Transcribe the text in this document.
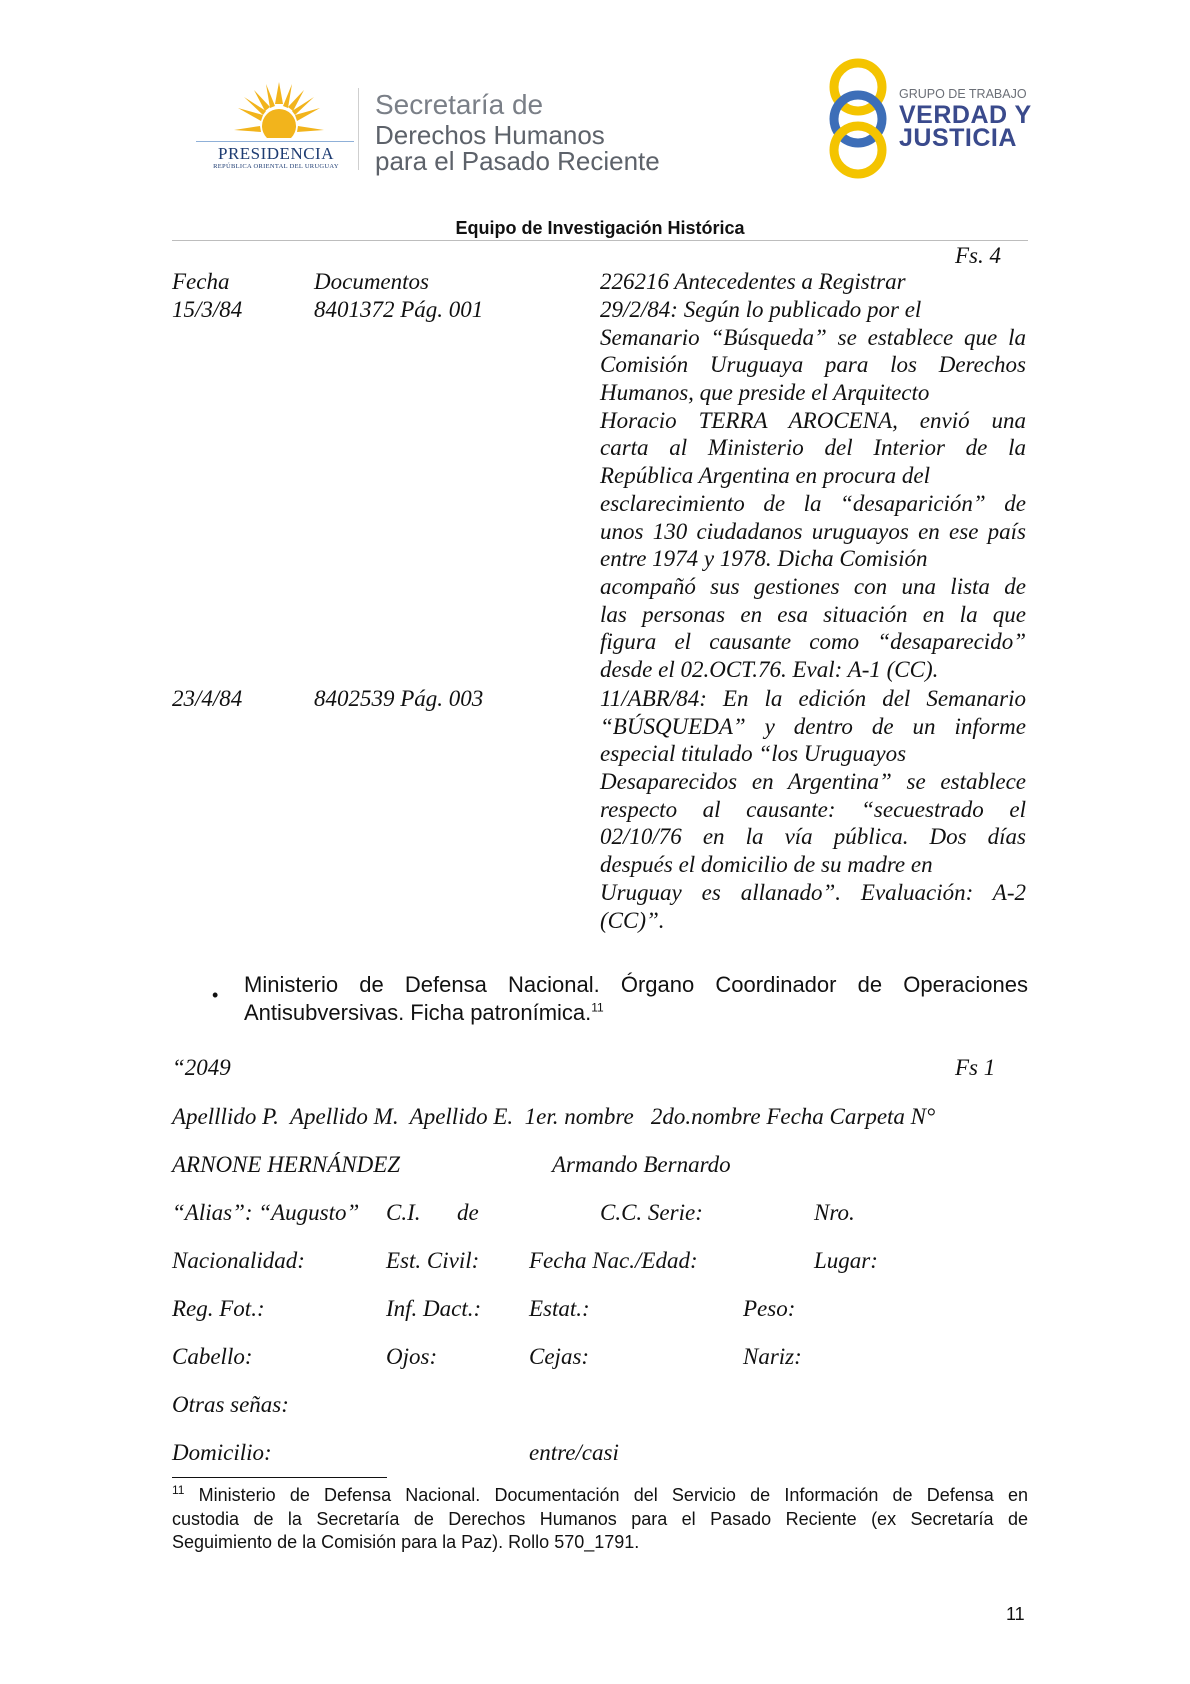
PRESIDENCIA
REPÚBLICA ORIENTAL DEL URUGUAY
Secretaría de
Derechos Humanos
para el Pasado Reciente
GRUPO DE TRABAJO
VERDAD Y
JUSTICIA
Equipo de Investigación Histórica
Fs. 4
Fecha	Documentos	226216 Antecedentes a Registrar
15/3/84	8401372 Pág. 001	29/2/84: Según lo publicado por el
Semanario “Búsqueda” se establece que la
Comisión Uruguaya para los Derechos
Humanos, que preside el Arquitecto
Horacio TERRA AROCENA, envió una
carta al Ministerio del Interior de la
República Argentina en procura del
esclarecimiento de la “desaparición” de
unos 130 ciudadanos uruguayos en ese país
entre 1974 y 1978. Dicha Comisión
acompañó sus gestiones con una lista de
las personas en esa situación en la que
figura el causante como “desaparecido”
desde el 02.OCT.76. Eval: A-1 (CC).
23/4/84	8402539 Pág. 003	11/ABR/84: En la edición del Semanario
“BÚSQUEDA” y dentro de un informe
especial titulado “los Uruguayos
Desaparecidos en Argentina” se establece
respecto al causante: “secuestrado el
02/10/76 en la vía pública. Dos días
después el domicilio de su madre en
Uruguay es allanado”. Evaluación: A-2
(CC)”.
• Ministerio de Defensa Nacional. Órgano Coordinador de Operaciones
Antisubversivas. Ficha patronímica.$^{11}$
“2049	Fs 1
Apelllido P.  Apellido M.  Apellido E.  1er. nombre   2do.nombre Fecha Carpeta N°
ARNONE HERNÁNDEZ	Armando Bernardo
“Alias”: “Augusto” C.I. de	C.C. Serie:	Nro.
Nacionalidad:	Est. Civil: Fecha Nac./Edad:	Lugar:
Reg. Fot.:	Inf. Dact.: Estat.:	Peso:
Cabello:	Ojos:	Cejas:	Nariz:
Otras señas:
Domicilio:	entre/casi
$^{11}$ Ministerio de Defensa Nacional. Documentación del Servicio de Información de Defensa en
custodia de la Secretaría de Derechos Humanos para el Pasado Reciente (ex Secretaría de
Seguimiento de la Comisión para la Paz). Rollo 570_1791.
11
